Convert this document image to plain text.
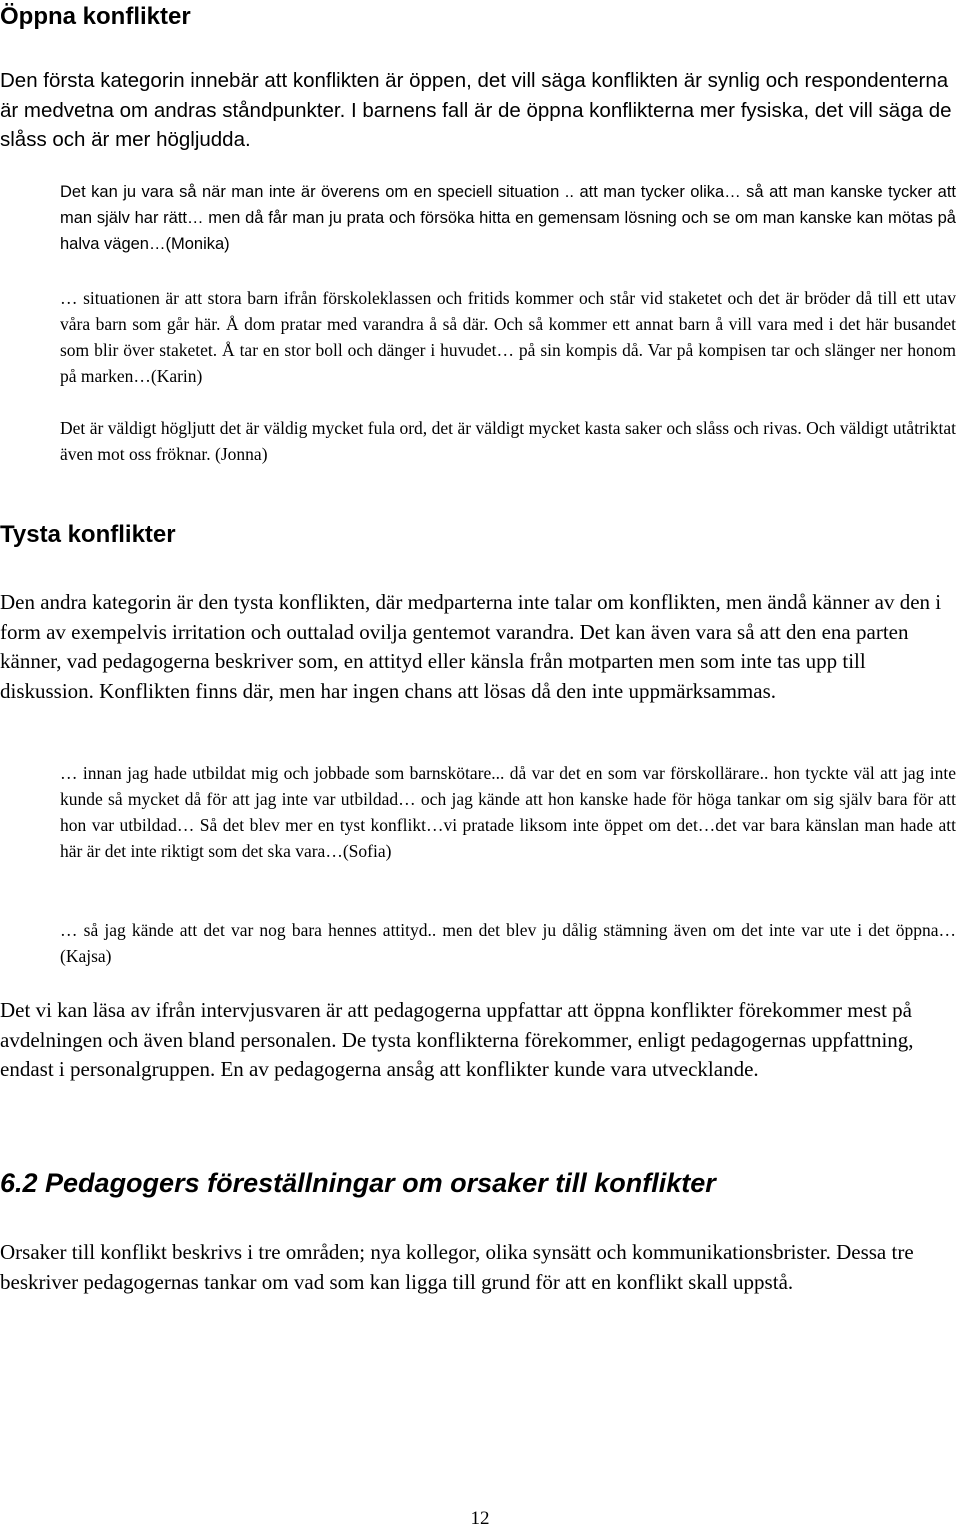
Öppna konflikter

Den första kategorin innebär att konflikten är öppen, det vill säga konflikten är synlig och respondenterna är medvetna om andras ståndpunkter. I barnens fall är de öppna konflikterna mer fysiska, det vill säga de slåss och är mer högljudda.

Det kan ju vara så när man inte är överens om en speciell situation .. att man tycker olika… så att man kanske tycker att man själv har rätt… men då får man ju prata och försöka hitta en gemensam lösning och se om man kanske kan mötas på halva vägen…(Monika)

… situationen är att stora barn ifrån förskoleklassen och fritids kommer och står vid staketet och det är bröder då till ett utav våra barn som går här. Å dom pratar med varandra å så där. Och så kommer ett annat barn å vill vara med i det här busandet som blir över staketet. Å tar en stor boll och dänger i huvudet… på sin kompis då. Var på kompisen tar och slänger ner honom på marken…(Karin)

Det är väldigt högljutt det är väldig mycket fula ord, det är väldigt mycket kasta saker och slåss och rivas. Och väldigt utåtriktat även mot oss fröknar. (Jonna)

Tysta konflikter

Den andra kategorin är den tysta konflikten, där medparterna inte talar om konflikten, men ändå känner av den i form av exempelvis irritation och outtalad ovilja gentemot varandra. Det kan även vara så att den ena parten känner, vad pedagogerna beskriver som, en attityd eller känsla från motparten men som inte tas upp till diskussion. Konflikten finns där, men har ingen chans att lösas då den inte uppmärksammas.

… innan jag hade utbildat mig och jobbade som barnskötare... då var det en som var förskollärare.. hon tyckte väl att jag inte kunde så mycket då för att jag inte var utbildad… och jag kände att hon kanske hade för höga tankar om sig själv bara för att hon var utbildad… Så det blev mer en tyst konflikt…vi pratade liksom inte öppet om det…det var bara känslan man hade att här är det inte riktigt som det ska vara…(Sofia)

… så jag kände att det var nog bara hennes attityd.. men det blev ju dålig stämning även om det inte var ute i det öppna…(Kajsa)

Det vi kan läsa av ifrån intervjusvaren är att pedagogerna uppfattar att öppna konflikter förekommer mest på avdelningen och även bland personalen. De tysta konflikterna förekommer, enligt pedagogernas uppfattning, endast i personalgruppen. En av pedagogerna ansåg att konflikter kunde vara utvecklande.

6.2 Pedagogers föreställningar om orsaker till konflikter

Orsaker till konflikt beskrivs i tre områden; nya kollegor, olika synsätt och kommunikationsbrister. Dessa tre beskriver pedagogernas tankar om vad som kan ligga till grund för att en konflikt skall uppstå.

12
